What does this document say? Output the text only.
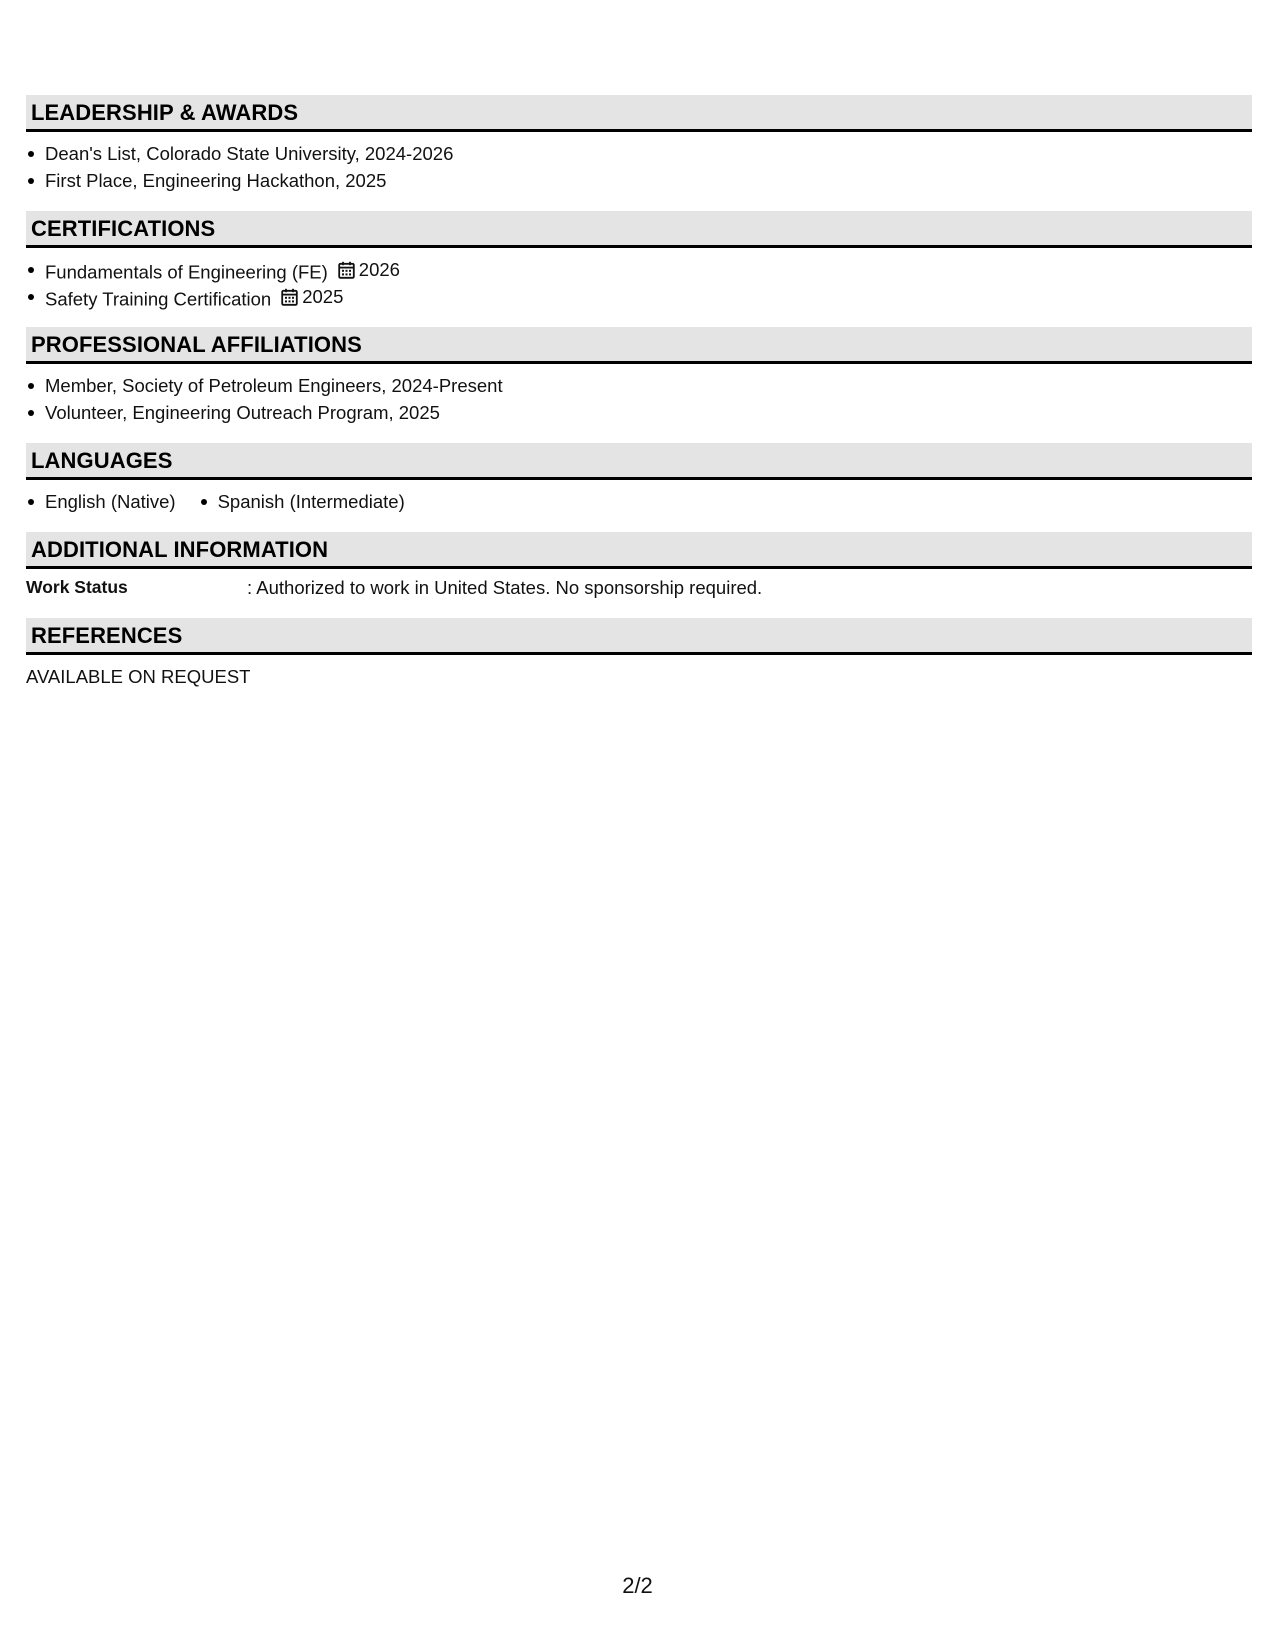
LEADERSHIP & AWARDS
Dean's List, Colorado State University, 2024-2026
First Place, Engineering Hackathon, 2025
CERTIFICATIONS
Fundamentals of Engineering (FE) 2026
Safety Training Certification 2025
PROFESSIONAL AFFILIATIONS
Member, Society of Petroleum Engineers, 2024-Present
Volunteer, Engineering Outreach Program, 2025
LANGUAGES
English (Native)	Spanish (Intermediate)
ADDITIONAL INFORMATION
Work Status	: Authorized to work in United States. No sponsorship required.
REFERENCES
AVAILABLE ON REQUEST
2/2
